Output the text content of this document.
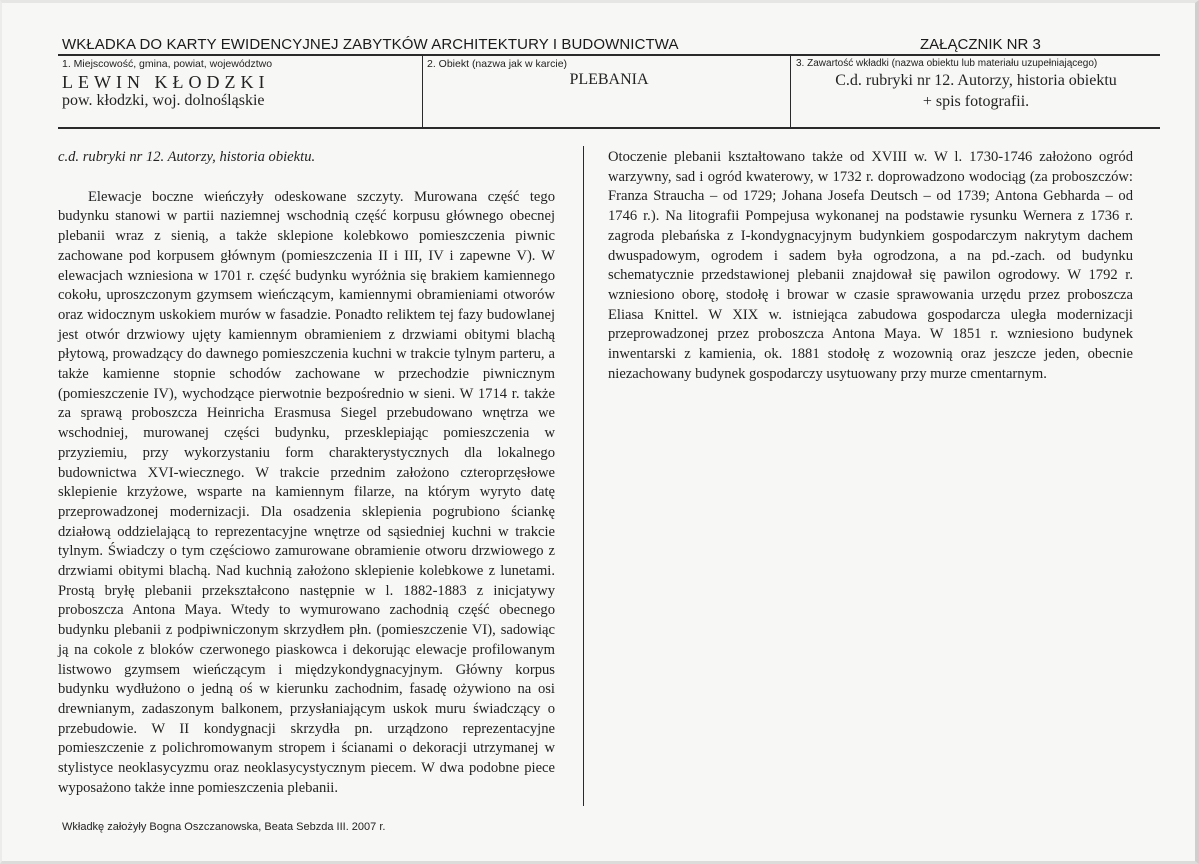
WKŁADKA DO KARTY EWIDENCYJNEJ ZABYTKÓW ARCHITEKTURY I BUDOWNICTWA	ZAŁĄCZNIK NR 3
1. Miejscowość, gmina, powiat, województwo
LEWIN KŁODZKI
pow. kłodzki, woj. dolnośląskie
2. Obiekt (nazwa jak w karcie)
PLEBANIA
3. Zawartość wkładki (nazwa obiektu lub materiału uzupełniającego)
C.d. rubryki nr 12. Autorzy, historia obiektu
+ spis fotografii.

c.d. rubryki nr 12. Autorzy, historia obiektu.

Elewacje boczne wieńczyły odeskowane szczyty. Murowana część tego budynku stanowi w partii naziemnej wschodnią część korpusu głównego obecnej plebanii wraz z sienią, a także sklepione kolebkowo pomieszczenia piwnic zachowane pod korpusem głównym (pomieszczenia II i III, IV i zapewne V). W elewacjach wzniesiona w 1701 r. część budynku wyróżnia się brakiem kamiennego cokołu, uproszczonym gzymsem wieńczącym, kamiennymi obramieniami otworów oraz widocznym uskokiem murów w fasadzie. Ponadto reliktem tej fazy budowlanej jest otwór drzwiowy ujęty kamiennym obramieniem z drzwiami obitymi blachą płytową, prowadzący do dawnego pomieszczenia kuchni w trakcie tylnym parteru, a także kamienne stopnie schodów zachowane w przechodzie piwnicznym (pomieszczenie IV), wychodzące pierwotnie bezpośrednio w sieni. W 1714 r. także za sprawą proboszcza Heinricha Erasmusa Siegel przebudowano wnętrza we wschodniej, murowanej części budynku, przesklepiając pomieszczenia w przyziemiu, przy wykorzystaniu form charakterystycznych dla lokalnego budownictwa XVI-wiecznego. W trakcie przednim założono czteroprzęsłowe sklepienie krzyżowe, wsparte na kamiennym filarze, na którym wyryto datę przeprowadzonej modernizacji. Dla osadzenia sklepienia pogrubiono ściankę działową oddzielającą to reprezentacyjne wnętrze od sąsiedniej kuchni w trakcie tylnym. Świadczy o tym częściowo zamurowane obramienie otworu drzwiowego z drzwiami obitymi blachą. Nad kuchnią założono sklepienie kolebkowe z lunetami. Prostą bryłę plebanii przekształcono następnie w l. 1882-1883 z inicjatywy proboszcza Antona Maya. Wtedy to wymurowano zachodnią część obecnego budynku plebanii z podpiwniczonym skrzydłem płn. (pomieszczenie VI), sadowiąc ją na cokole z bloków czerwonego piaskowca i dekorując elewacje profilowanym listwowo gzymsem wieńczącym i międzykondygnacyjnym. Główny korpus budynku wydłużono o jedną oś w kierunku zachodnim, fasadę ożywiono na osi drewnianym, zadaszonym balkonem, przysłaniającym uskok muru świadczący o przebudowie. W II kondygnacji skrzydła pn. urządzono reprezentacyjne pomieszczenie z polichromowanym stropem i ścianami o dekoracji utrzymanej w stylistyce neoklasycyzmu oraz neoklasycystycznym piecem. W dwa podobne piece wyposażono także inne pomieszczenia plebanii.

Otoczenie plebanii kształtowano także od XVIII w. W l. 1730-1746 założono ogród warzywny, sad i ogród kwaterowy, w 1732 r. doprowadzono wodociąg (za proboszczów: Franza Straucha – od 1729; Johana Josefa Deutsch – od 1739; Antona Gebharda – od 1746 r.). Na litografii Pompejusa wykonanej na podstawie rysunku Wernera z 1736 r. zagroda plebańska z I-kondygnacyjnym budynkiem gospodarczym nakrytym dachem dwuspadowym, ogrodem i sadem była ogrodzona, a na pd.-zach. od budynku schematycznie przedstawionej plebanii znajdował się pawilon ogrodowy. W 1792 r. wzniesiono oborę, stodołę i browar w czasie sprawowania urzędu przez proboszcza Eliasa Knittel. W XIX w. istniejąca zabudowa gospodarcza uległa modernizacji przeprowadzonej przez proboszcza Antona Maya. W 1851 r. wzniesiono budynek inwentarski z kamienia, ok. 1881 stodołę z wozownią oraz jeszcze jeden, obecnie niezachowany budynek gospodarczy usytuowany przy murze cmentarnym.

Wkładkę założyły Bogna Oszczanowska, Beata Sebzda III. 2007 r.
